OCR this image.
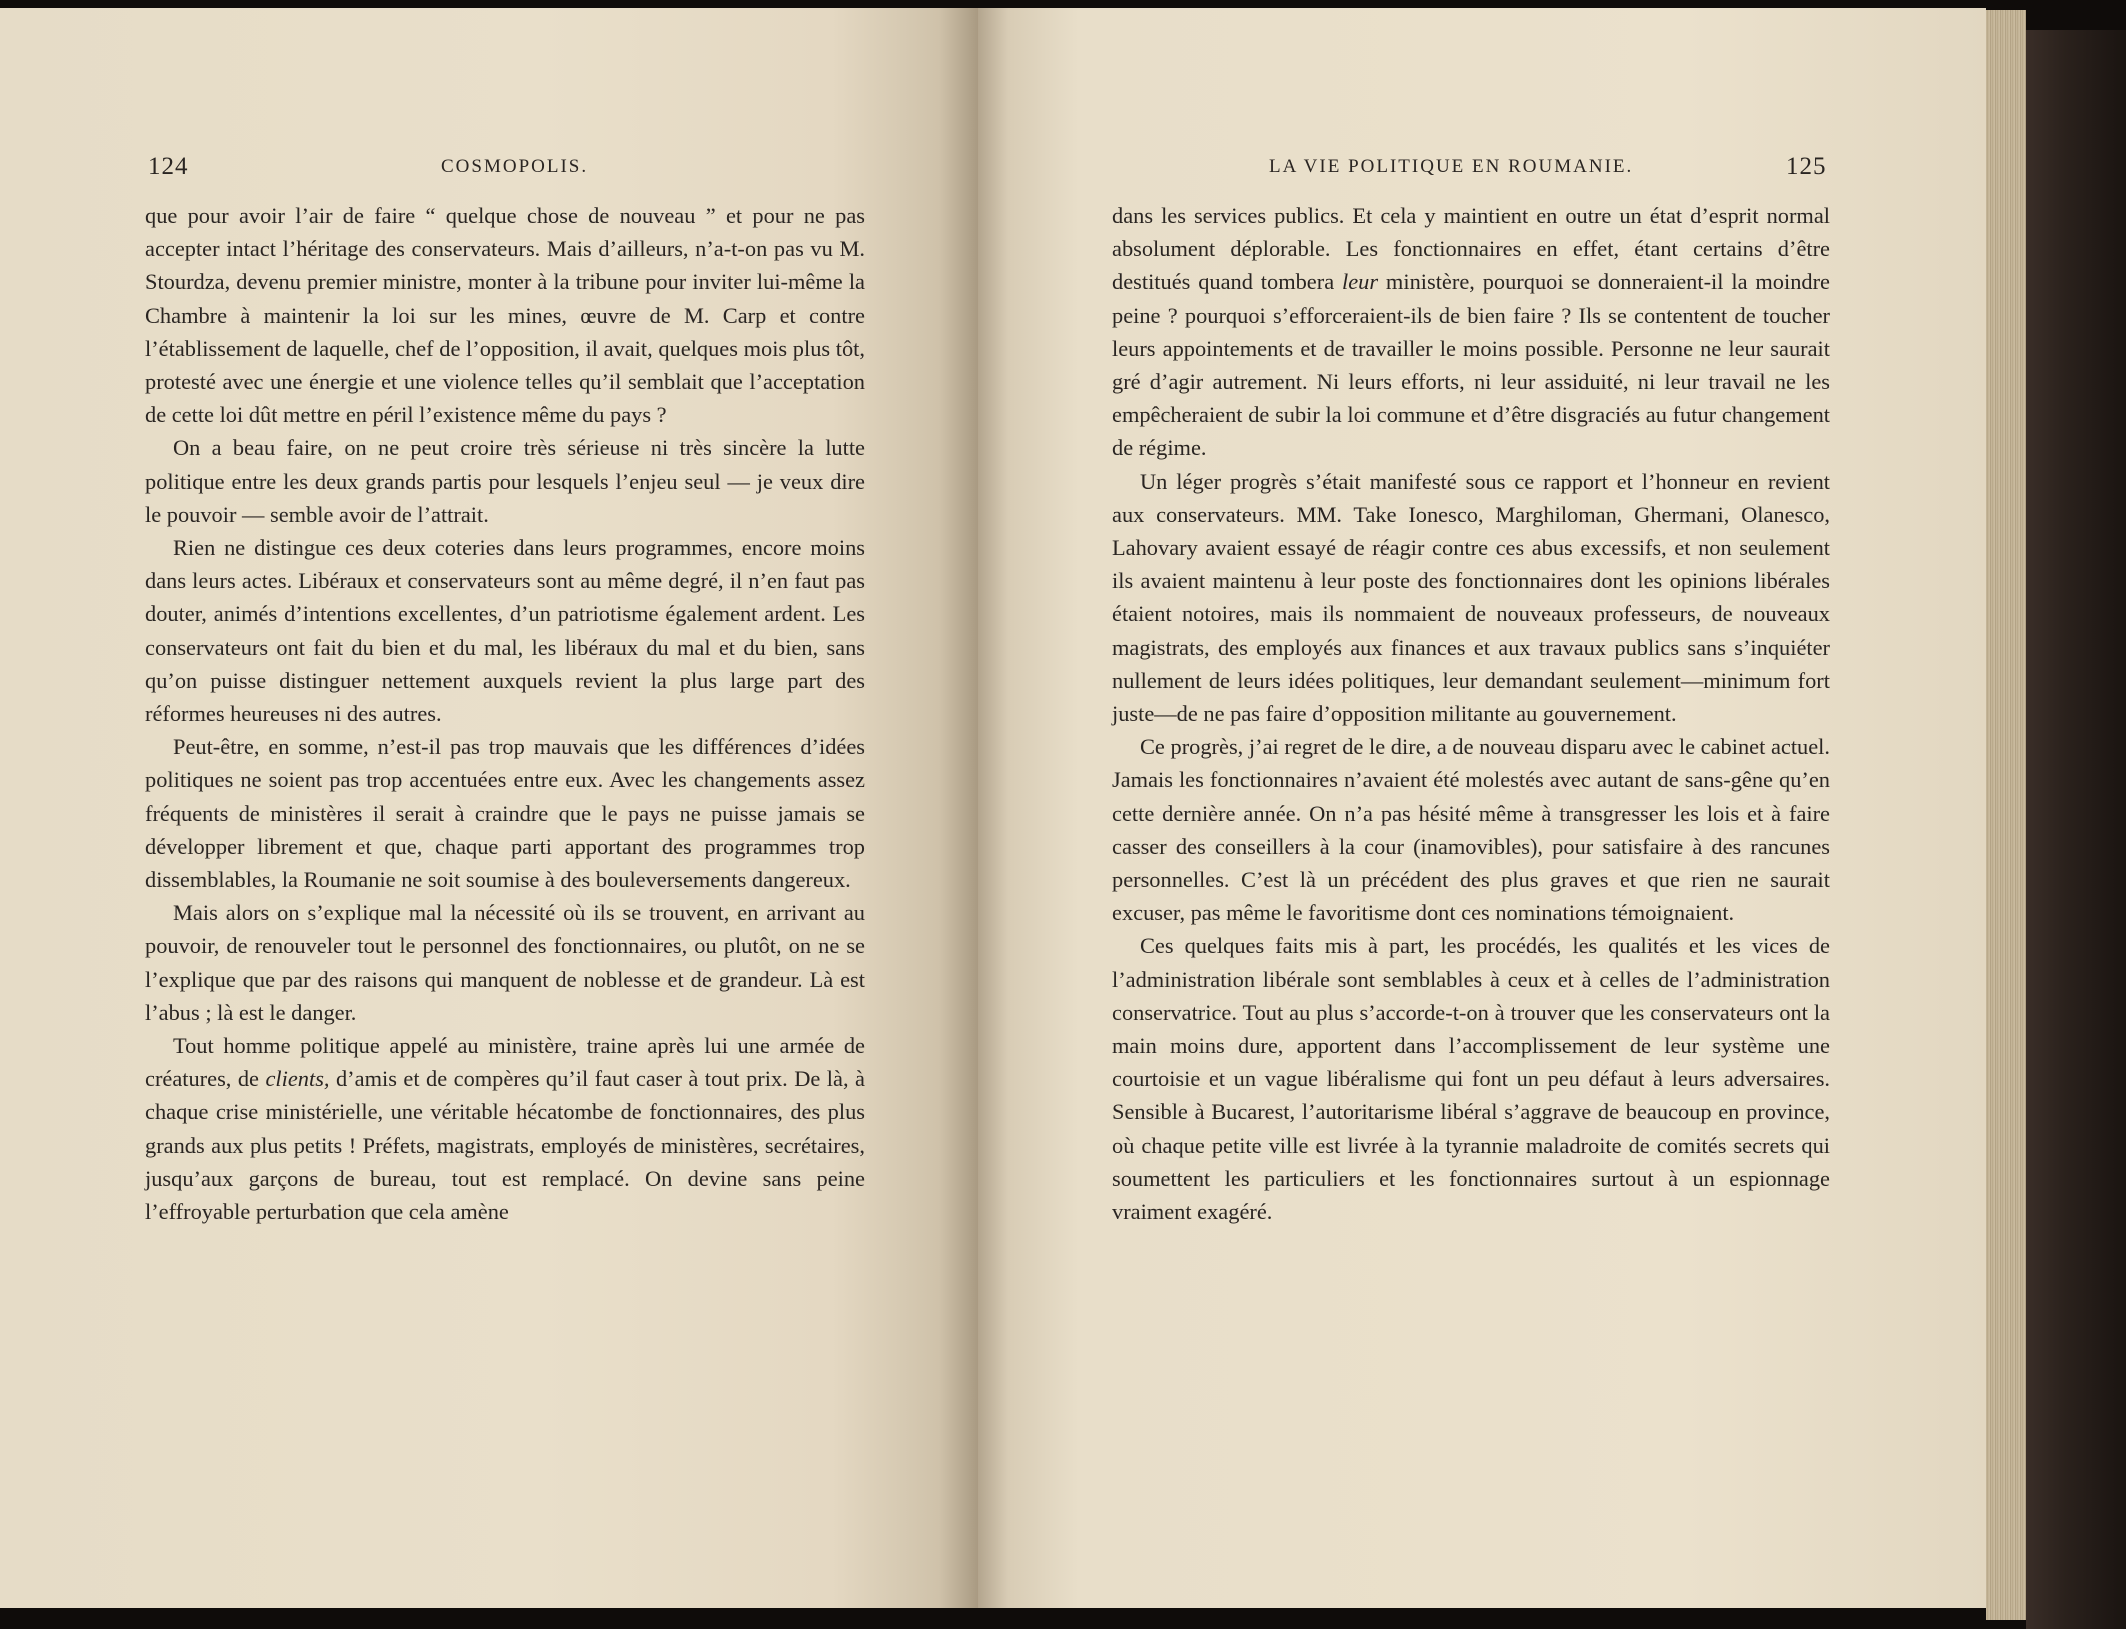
124	COSMOPOLIS.

que pour avoir l’air de faire “ quelque chose de nouveau ” et pour ne pas accepter intact l’héritage des conservateurs. Mais d’ailleurs, n’a-t-on pas vu M. Stourdza, devenu premier ministre, monter à la tribune pour inviter lui-même la Chambre à maintenir la loi sur les mines, œuvre de M. Carp et contre l’établissement de laquelle, chef de l’opposition, il avait, quelques mois plus tôt, protesté avec une énergie et une violence telles qu’il semblait que l’acceptation de cette loi dût mettre en péril l’existence même du pays ?

On a beau faire, on ne peut croire très sérieuse ni très sincère la lutte politique entre les deux grands partis pour lesquels l’enjeu seul — je veux dire le pouvoir — semble avoir de l’attrait.

Rien ne distingue ces deux coteries dans leurs programmes, encore moins dans leurs actes. Libéraux et conservateurs sont au même degré, il n’en faut pas douter, animés d’intentions excellentes, d’un patriotisme également ardent. Les conservateurs ont fait du bien et du mal, les libéraux du mal et du bien, sans qu’on puisse distinguer nettement auxquels revient la plus large part des réformes heureuses ni des autres.

Peut-être, en somme, n’est-il pas trop mauvais que les différences d’idées politiques ne soient pas trop accentuées entre eux. Avec les changements assez fréquents de ministères il serait à craindre que le pays ne puisse jamais se développer librement et que, chaque parti apportant des programmes trop dissemblables, la Roumanie ne soit soumise à des bouleversements dangereux.

Mais alors on s’explique mal la nécessité où ils se trouvent, en arrivant au pouvoir, de renouveler tout le personnel des fonctionnaires, ou plutôt, on ne se l’explique que par des raisons qui manquent de noblesse et de grandeur. Là est l’abus ; là est le danger.

Tout homme politique appelé au ministère, traine après lui une armée de créatures, de clients, d’amis et de compères qu’il faut caser à tout prix. De là, à chaque crise ministérielle, une véritable hécatombe de fonctionnaires, des plus grands aux plus petits ! Préfets, magistrats, employés de ministères, secrétaires, jusqu’aux garçons de bureau, tout est remplacé. On devine sans peine l’effroyable perturbation que cela amène

LA VIE POLITIQUE EN ROUMANIE.	125

dans les services publics. Et cela y maintient en outre un état d’esprit normal absolument déplorable. Les fonctionnaires en effet, étant certains d’être destitués quand tombera leur ministère, pourquoi se donneraient-il la moindre peine ? pourquoi s’efforceraient-ils de bien faire ? Ils se contentent de toucher leurs appointements et de travailler le moins possible. Personne ne leur saurait gré d’agir autrement. Ni leurs efforts, ni leur assiduité, ni leur travail ne les empêcheraient de subir la loi commune et d’être disgraciés au futur changement de régime.

Un léger progrès s’était manifesté sous ce rapport et l’honneur en revient aux conservateurs. MM. Take Ionesco, Marghiloman, Ghermani, Olanesco, Lahovary avaient essayé de réagir contre ces abus excessifs, et non seulement ils avaient maintenu à leur poste des fonctionnaires dont les opinions libérales étaient notoires, mais ils nommaient de nouveaux professeurs, de nouveaux magistrats, des employés aux finances et aux travaux publics sans s’inquiéter nullement de leurs idées politiques, leur demandant seulement—minimum fort juste—de ne pas faire d’opposition militante au gouvernement.

Ce progrès, j’ai regret de le dire, a de nouveau disparu avec le cabinet actuel. Jamais les fonctionnaires n’avaient été molestés avec autant de sans-gêne qu’en cette dernière année. On n’a pas hésité même à transgresser les lois et à faire casser des conseillers à la cour (inamovibles), pour satisfaire à des rancunes personnelles. C’est là un précédent des plus graves et que rien ne saurait excuser, pas même le favoritisme dont ces nominations témoignaient.

Ces quelques faits mis à part, les procédés, les qualités et les vices de l’administration libérale sont semblables à ceux et à celles de l’administration conservatrice. Tout au plus s’accorde-t-on à trouver que les conservateurs ont la main moins dure, apportent dans l’accomplissement de leur système une courtoisie et un vague libéralisme qui font un peu défaut à leurs adversaires. Sensible à Bucarest, l’autoritarisme libéral s’aggrave de beaucoup en province, où chaque petite ville est livrée à la tyrannie maladroite de comités secrets qui soumettent les particuliers et les fonctionnaires surtout à un espionnage vraiment exagéré.
